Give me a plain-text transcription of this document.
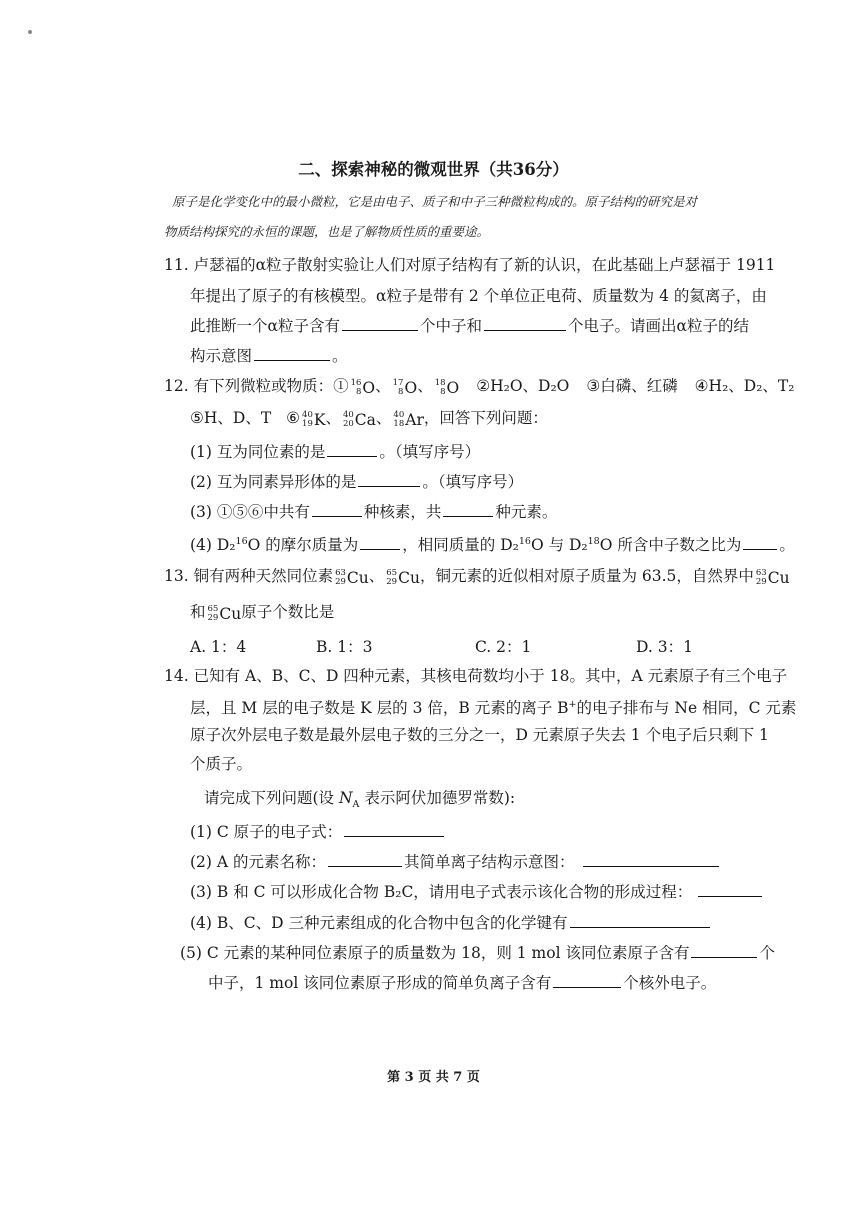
二、探索神秘的微观世界（共36分）
原子是化学变化中的最小微粒，它是由电子、质子和中子三种微粒构成的。原子结构的研究是对
物质结构探究的永恒的课题，也是了解物质性质的重要途。
11. 卢瑟福的α粒子散射实验让人们对原子结构有了新的认识，在此基础上卢瑟福于 1911
年提出了原子的有核模型。α粒子是带有 2 个单位正电荷、质量数为 4 的氦离子，由
此推断一个α粒子含有	个中子和	个电子。请画出α粒子的结
构示意图	。
12. 有下列微粒或物质：① 16
8 O、 17
8 O、 18
8 O ②H₂O、D₂O ③白磷、红磷 ④H₂、D₂、T₂
⑤H、D、T ⑥ 40
19 K、 40
20 Ca、 40
18 Ar，回答下列问题：
(1) 互为同位素的是	。（填写序号）
(2) 互为同素异形体的是	。（填写序号）
(3) ①⑤⑥中共有	种核素，共	种元素。
(4) D₂$^{16}$O 的摩尔质量为	，相同质量的 D₂$^{16}$O 与 D₂$^{18}$O 所含中子数之比为 。
13. 铜有两种天然同位素 63
29 Cu、 65
29 Cu，铜元素的近似相对原子质量为 63.5，自然界中 63
29 Cu
和 65
29 Cu原子个数比是
A. 1：4	B. 1：3	C. 2：1	D. 3：1
14. 已知有 A、B、C、D 四种元素，其核电荷数均小于 18。其中，A 元素原子有三个电子
层，且 M 层的电子数是 K 层的 3 倍，B 元素的离子 B+的电子排布与 Ne 相同，C 元素
原子次外层电子数是最外层电子数的三分之一，D 元素原子失去 1 个电子后只剩下 1
个质子。
请完成下列问题(设 $N_A$ 表示阿伏加德罗常数):
(1) C 原子的电子式：
(2) A 的元素名称：	其简单离子结构示意图：
(3) B 和 C 可以形成化合物 B₂C，请用电子式表示该化合物的形成过程：
(4) B、C、D 三种元素组成的化合物中包含的化学键有
(5) C 元素的某种同位素原子的质量数为 18，则 1 mol 该同位素原子含有	个
中子，1 mol 该同位素原子形成的简单负离子含有	个核外电子。
第 3 页 共 7 页
